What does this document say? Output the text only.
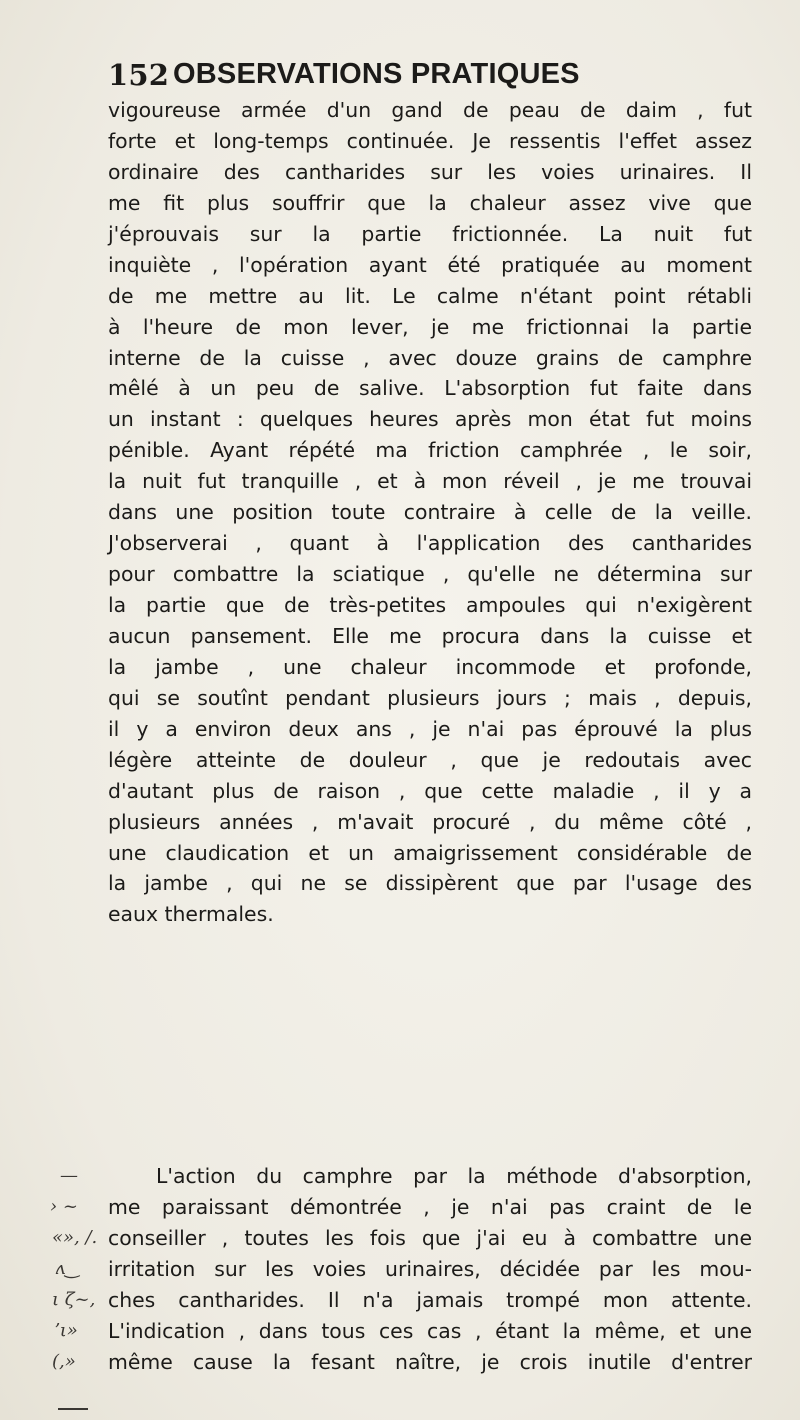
152 OBSERVATIONS PRATIQUES
—
› ~
«», /.
ʌ‿
ι ζ~,
ʼι»
(,»
vigoureuse armée d'un gand de peau de daim , fut
forte et long-temps continuée. Je ressentis l'effet assez
ordinaire des cantharides sur les voies urinaires. Il
me fit plus souffrir que la chaleur assez vive que
j'éprouvais sur la partie frictionnée. La nuit fut
inquiète , l'opération ayant été pratiquée au moment
de me mettre au lit. Le calme n'étant point rétabli
à l'heure de mon lever, je me frictionnai la partie
interne de la cuisse , avec douze grains de camphre
mêlé à un peu de salive. L'absorption fut faite dans
un instant : quelques heures après mon état fut moins
pénible. Ayant répété ma friction camphrée , le soir,
la nuit fut tranquille , et à mon réveil , je me trouvai
dans une position toute contraire à celle de la veille.
J'observerai , quant à l'application des cantharides
pour combattre la sciatique , qu'elle ne détermina sur
la partie que de très-petites ampoules qui n'exigèrent
aucun pansement. Elle me procura dans la cuisse et
la jambe , une chaleur incommode et profonde,
qui se soutînt pendant plusieurs jours ; mais , depuis,
il y a environ deux ans , je n'ai pas éprouvé la plus
légère atteinte de douleur , que je redoutais avec
d'autant plus de raison , que cette maladie , il y a
plusieurs années , m'avait procuré , du même côté ,
une claudication et un amaigrissement considérable de
la jambe , qui ne se dissipèrent que par l'usage des
eaux thermales.
L'action du camphre par la méthode d'absorption,
me paraissant démontrée , je n'ai pas craint de le
conseiller , toutes les fois que j'ai eu à combattre une
irritation sur les voies urinaires, décidée par les mou-
ches cantharides. Il n'a jamais trompé mon attente.
L'indication , dans tous ces cas , étant la même, et une
même cause la fesant naître, je crois inutile d'entrer
